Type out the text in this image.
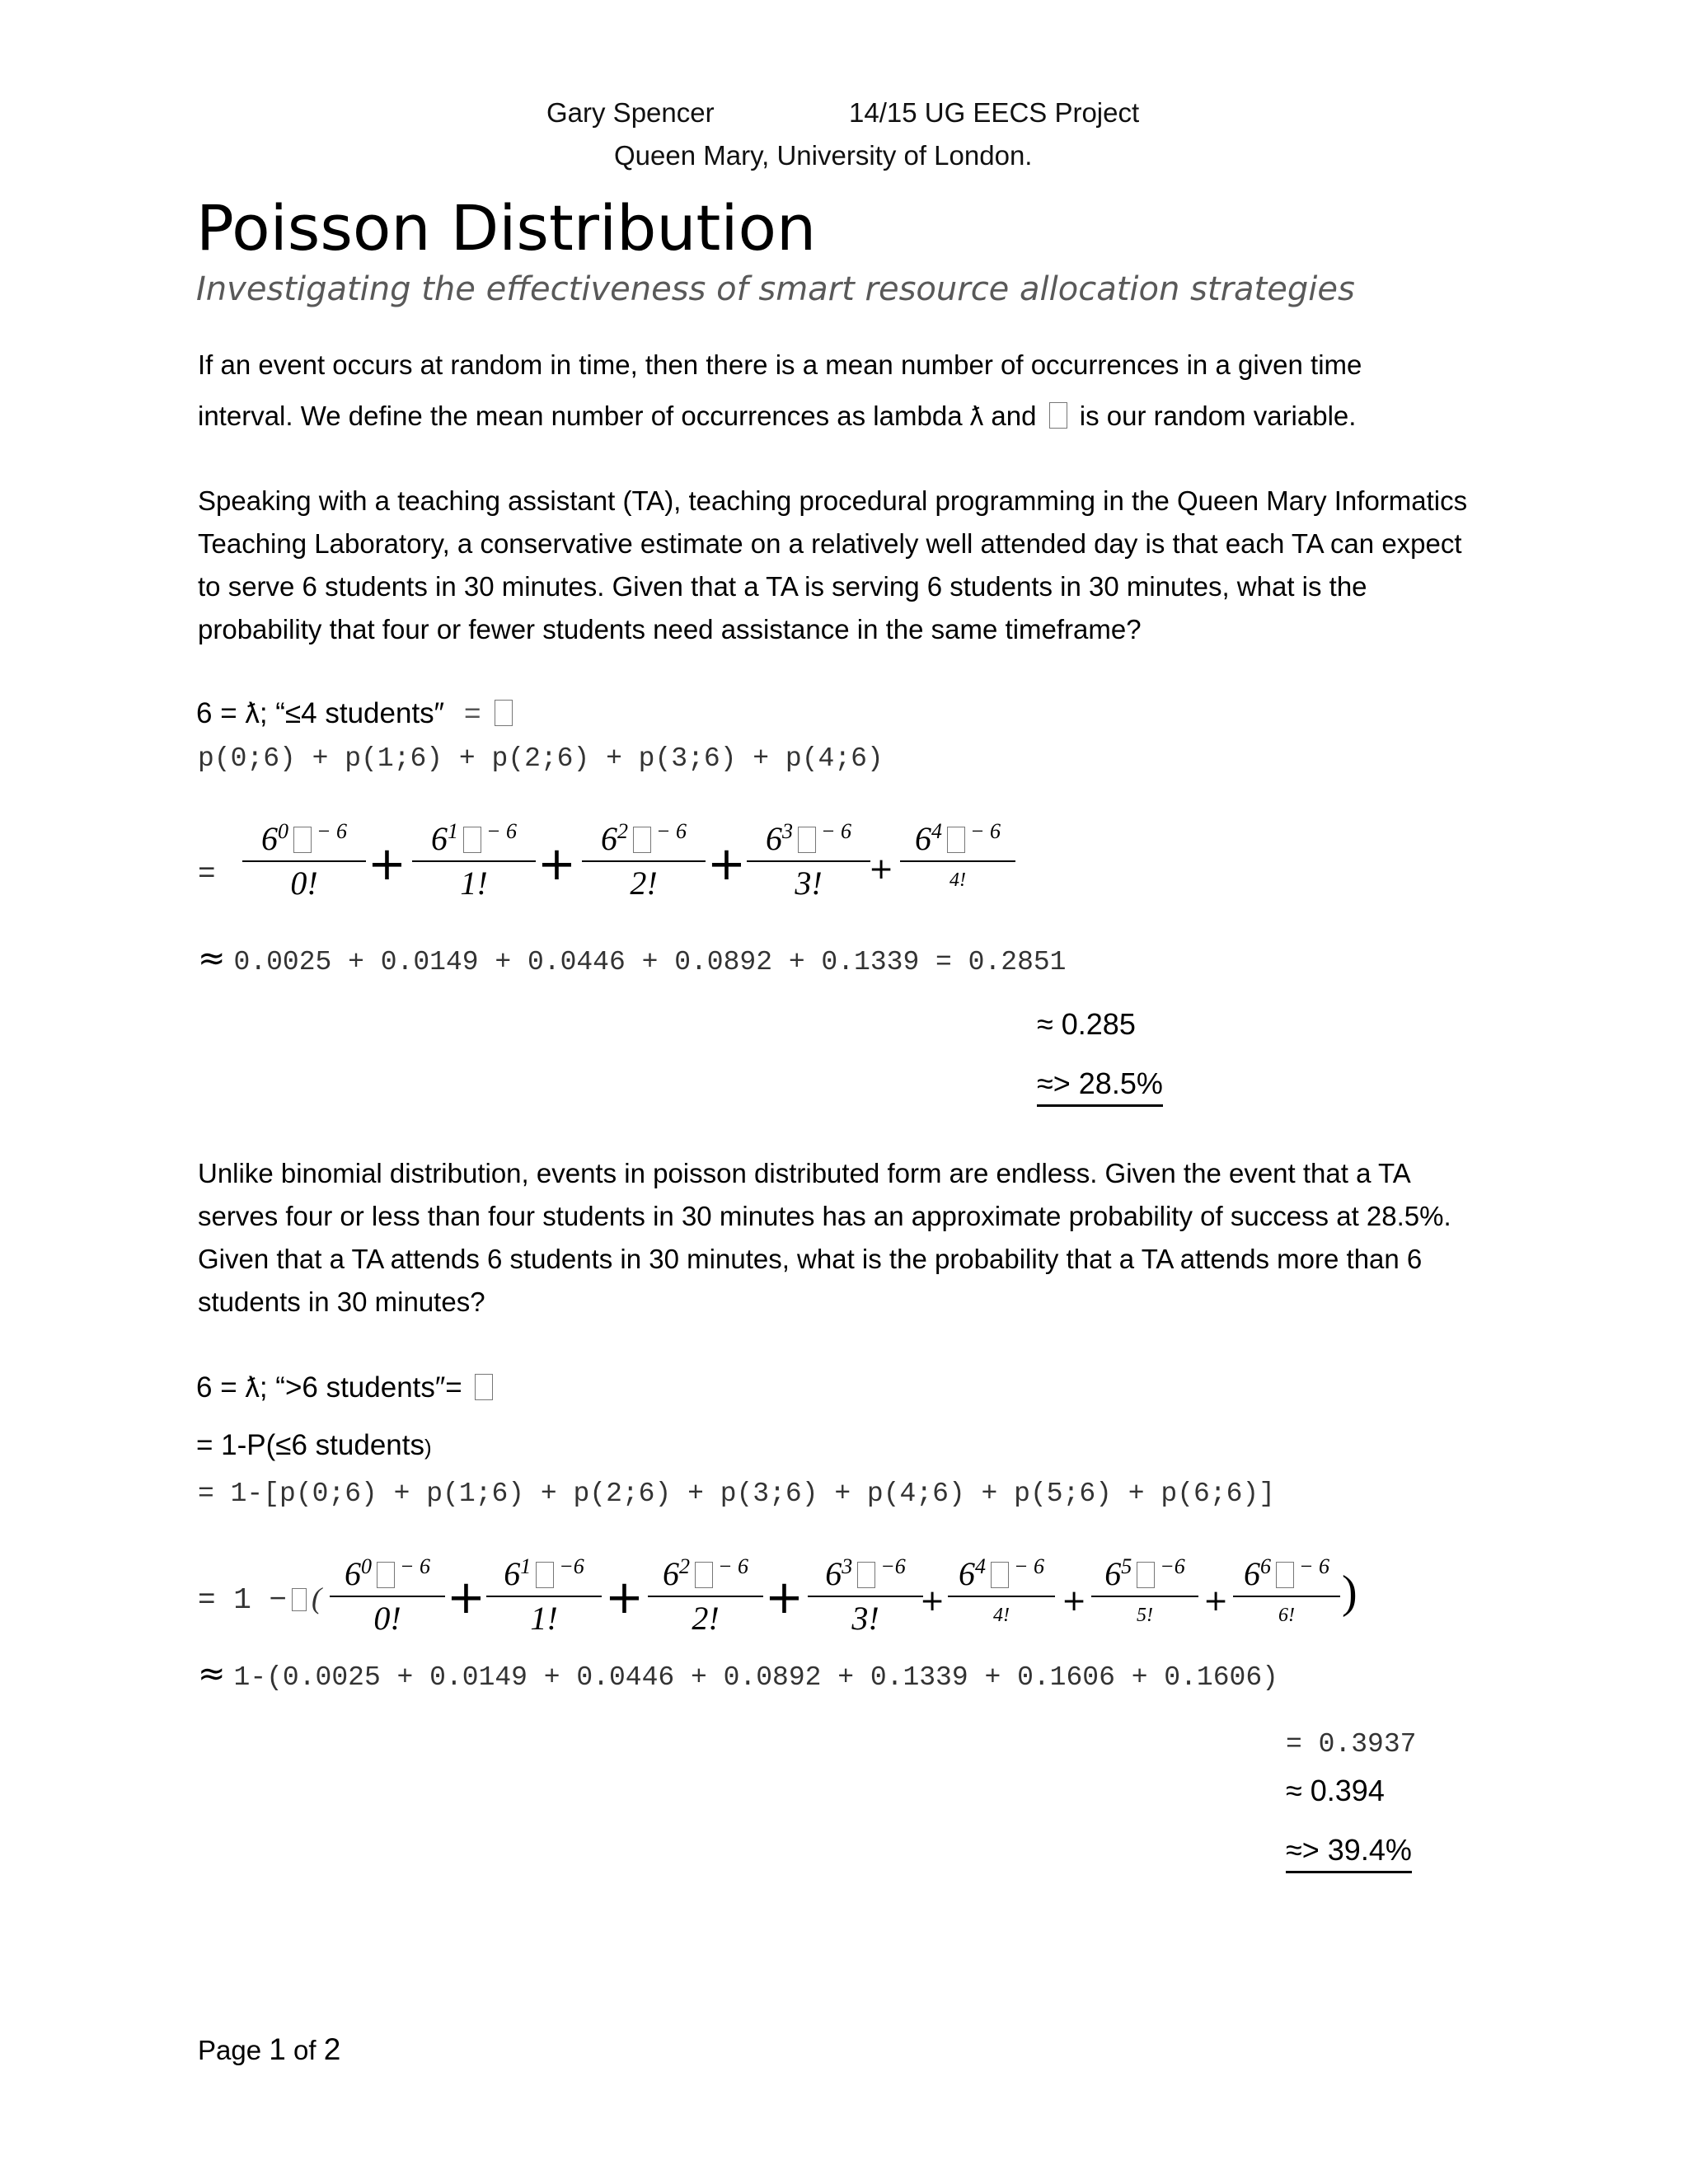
Gary Spencer	14/15 UG EECS Project
Queen Mary, University of London.
Poisson Distribution
Investigating the effectiveness of smart resource allocation strategies
If an event occurs at random in time, then there is a mean number of occurrences in a given time
interval. We define the mean number of occurrences as lambda ƛ and is our random variable.
Speaking with a teaching assistant (TA), teaching procedural programming in the Queen Mary Informatics Teaching Laboratory, a conservative estimate on a relatively well attended day is that each TA can expect to serve 6 students in 30 minutes. Given that a TA is serving 6 students in 30 minutes, what is the probability that four or fewer students need assistance in the same timeframe?
6 = ƛ; “≤4 students″ =
p(0;6) + p(1;6) + p(2;6) + p(3;6) + p(4;6)
=
$6^0$ $^{- 6}$
0!
$6^1$ $^{- 6}$
1!
$6^2$ $^{- 6}$
2!
$6^3$ $^{- 6}$
3!
$6^4$ $^{- 6}$
4!
+	+	+	+
≈ 0.0025 + 0.0149 + 0.0446 + 0.0892 + 0.1339 = 0.2851
≈ 0.285
≈> 28.5%
Unlike binomial distribution, events in poisson distributed form are endless. Given the event that a TA serves four or less than four students in 30 minutes has an approximate probability of success at 28.5%. Given that a TA attends 6 students in 30 minutes, what is the probability that a TA attends more than 6 students in 30 minutes?
6 = ƛ; “>6 students″=
= 1-P(≤6 students)
= 1-[p(0;6) + p(1;6) + p(2;6) + p(3;6) + p(4;6) + p(5;6) + p(6;6)]
= 1 − (
$6^0$ $^{- 6}$
0!
$6^1$ $^{-6}$
1!
$6^2$ $^{- 6}$
2!
$6^3$ $^{-6}$
3!
$6^4$ $^{- 6}$
4!
$6^5$ $^{-6}$
5!
$6^6$ $^{- 6}$
6!
+	+	+	+	+	+ )
≈ 1-(0.0025 + 0.0149 + 0.0446 + 0.0892 + 0.1339 + 0.1606 + 0.1606)
= 0.3937
≈ 0.394
≈> 39.4%
Page 1 of 2
